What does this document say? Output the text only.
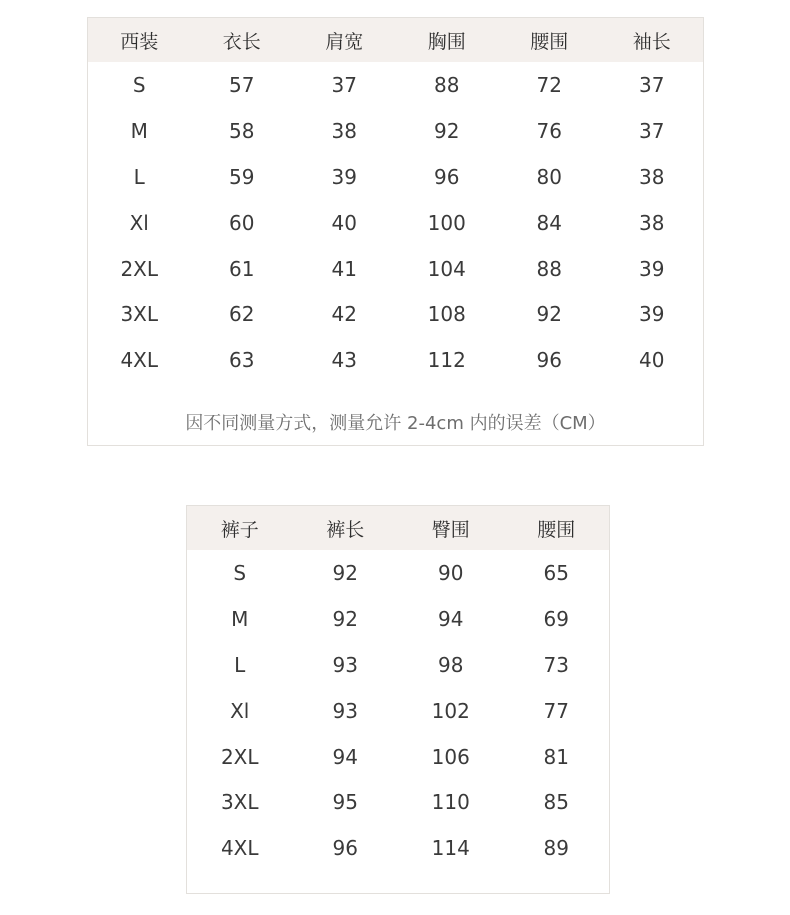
西装	衣长	肩宽	胸围	腰围	袖长
S	57	37	88	72	37
M	58	38	92	76	37
L	59	39	96	80	38
Xl	60	40	100	84	38
2XL	61	41	104	88	39
3XL	62	42	108	92	39
4XL	63	43	112	96	40
因不同测量方式，测量允许 2-4cm 内的误差（CM）
裤子	裤长	臀围	腰围
S	92	90	65
M	92	94	69
L	93	98	73
Xl	93	102	77
2XL	94	106	81
3XL	95	110	85
4XL	96	114	89
